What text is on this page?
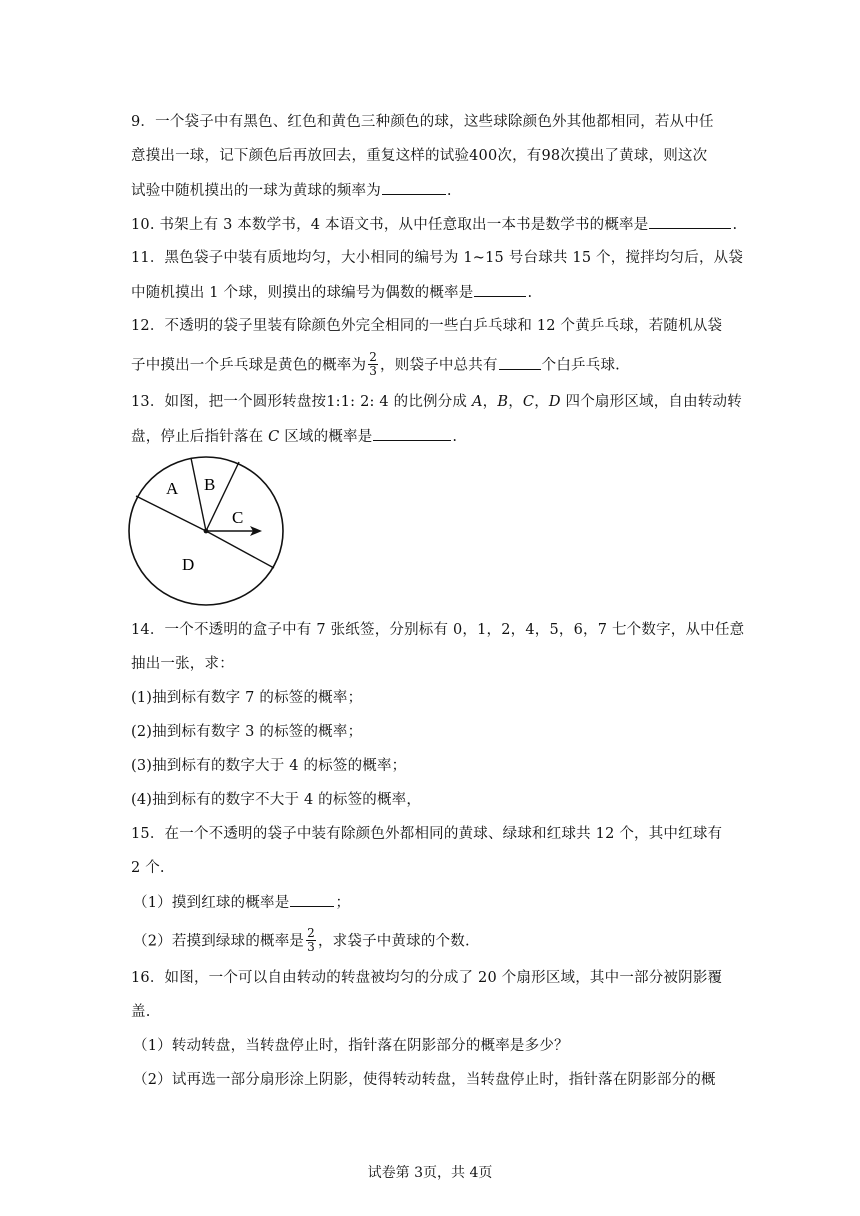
9．一个袋子中有黑色、红色和黄色三种颜色的球，这些球除颜色外其他都相同，若从中任
意摸出一球，记下颜色后再放回去，重复这样的试验400次，有98次摸出了黄球，则这次
试验中随机摸出的一球为黄球的频率为	.
10. 书架上有 3 本数学书，4 本语文书，从中任意取出一本书是数学书的概率是	.
11．黑色袋子中装有质地均匀，大小相同的编号为 1~15 号台球共 15 个，搅拌均匀后，从袋
中随机摸出 1 个球，则摸出的球编号为偶数的概率是	.
12．不透明的袋子里装有除颜色外完全相同的一些白乒乓球和 12 个黄乒乓球，若随机从袋
子中摸出一个乒乓球是黄色的概率为 $\frac{2}{3}$ ，则袋子中总共有	个白乒乓球.
13．如图，把一个圆形转盘按1:1: 2: 4 的比例分成 A，B，C，D 四个扇形区域，自由转动转
盘，停止后指针落在 C 区域的概率是	.
A B
C
D
14．一个不透明的盒子中有 7 张纸签，分别标有 0，1，2，4，5，6，7 七个数字，从中任意
抽出一张，求：
(1)抽到标有数字 7 的标签的概率；
(2)抽到标有数字 3 的标签的概率；
(3)抽到标有的数字大于 4 的标签的概率；
(4)抽到标有的数字不大于 4 的标签的概率，
15．在一个不透明的袋子中装有除颜色外都相同的黄球、绿球和红球共 12 个，其中红球有
2 个.
（1）摸到红球的概率是	；
（2）若摸到绿球的概率是 $\frac{2}{3}$ ，求袋子中黄球的个数.
16．如图，一个可以自由转动的转盘被均匀的分成了 20 个扇形区域，其中一部分被阴影覆
盖.
（1）转动转盘，当转盘停止时，指针落在阴影部分的概率是多少？
（2）试再选一部分扇形涂上阴影，使得转动转盘，当转盘停止时，指针落在阴影部分的概
试卷第 3页，共 4页
